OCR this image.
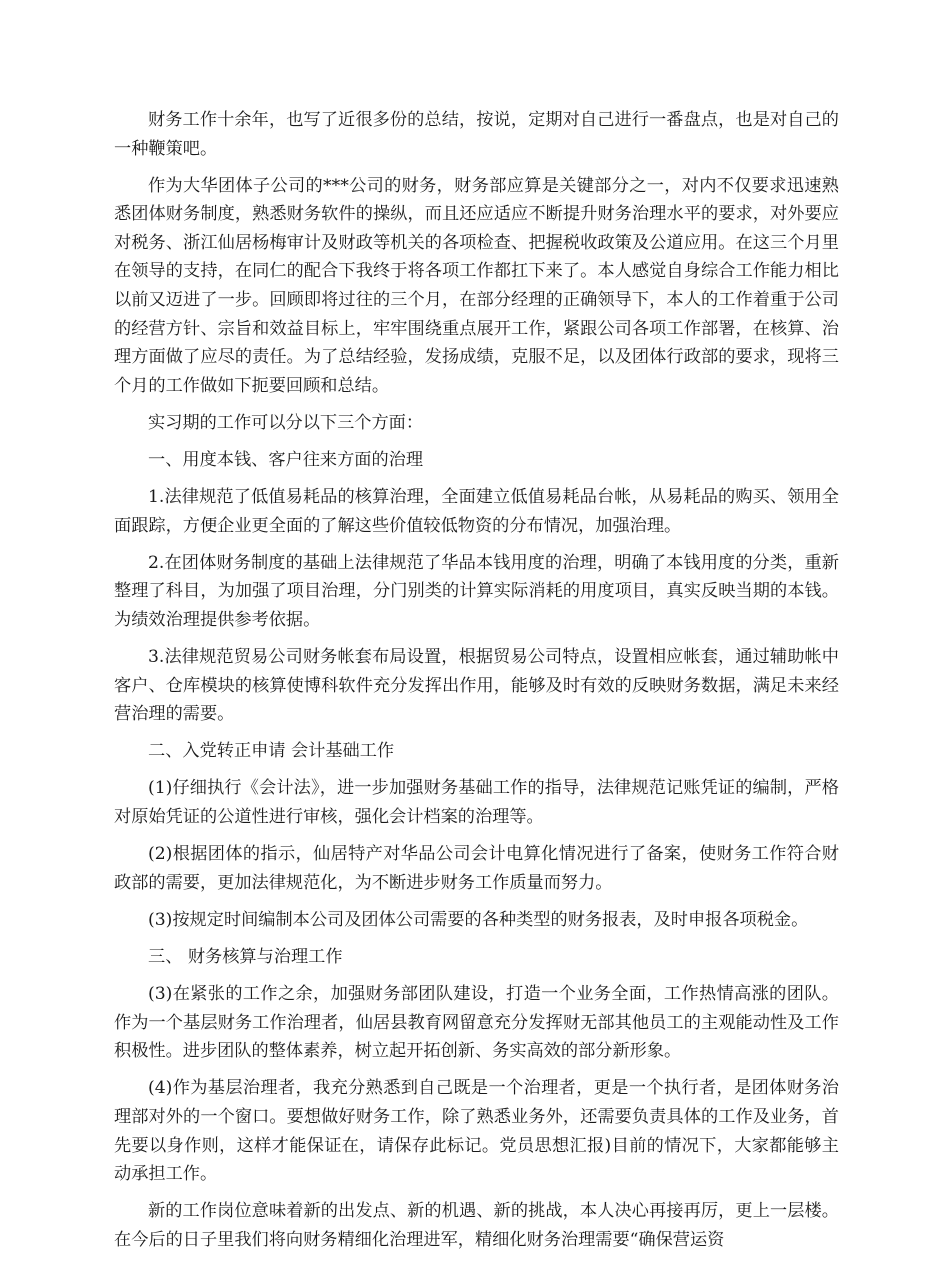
财务工作十余年，也写了近很多份的总结，按说，定期对自己进行一番盘点，也是对自己的一种鞭策吧。

作为大华团体子公司的***公司的财务，财务部应算是关键部分之一，对内不仅要求迅速熟悉团体财务制度，熟悉财务软件的操纵，而且还应适应不断提升财务治理水平的要求，对外要应对税务、浙江仙居杨梅审计及财政等机关的各项检查、把握税收政策及公道应用。在这三个月里在领导的支持，在同仁的配合下我终于将各项工作都扛下来了。本人感觉自身综合工作能力相比以前又迈进了一步。回顾即将过往的三个月，在部分经理的正确领导下，本人的工作着重于公司的经营方针、宗旨和效益目标上，牢牢围绕重点展开工作，紧跟公司各项工作部署，在核算、治理方面做了应尽的责任。为了总结经验，发扬成绩，克服不足，以及团体行政部的要求，现将三个月的工作做如下扼要回顾和总结。

实习期的工作可以分以下三个方面：

一、用度本钱、客户往来方面的治理

1.法律规范了低值易耗品的核算治理，全面建立低值易耗品台帐，从易耗品的购买、领用全面跟踪，方便企业更全面的了解这些价值较低物资的分布情况，加强治理。

2.在团体财务制度的基础上法律规范了华品本钱用度的治理，明确了本钱用度的分类，重新整理了科目，为加强了项目治理，分门别类的计算实际消耗的用度项目，真实反映当期的本钱。为绩效治理提供参考依据。

3.法律规范贸易公司财务帐套布局设置，根据贸易公司特点，设置相应帐套，通过辅助帐中客户、仓库模块的核算使博科软件充分发挥出作用，能够及时有效的反映财务数据，满足未来经营治理的需要。

二、入党转正申请 会计基础工作

(1)仔细执行《会计法》，进一步加强财务基础工作的指导，法律规范记账凭证的编制，严格对原始凭证的公道性进行审核，强化会计档案的治理等。

(2)根据团体的指示，仙居特产对华品公司会计电算化情况进行了备案，使财务工作符合财政部的需要，更加法律规范化，为不断进步财务工作质量而努力。

(3)按规定时间编制本公司及团体公司需要的各种类型的财务报表，及时申报各项税金。

三、 财务核算与治理工作

(3)在紧张的工作之余，加强财务部团队建设，打造一个业务全面，工作热情高涨的团队。作为一个基层财务工作治理者，仙居县教育网留意充分发挥财无部其他员工的主观能动性及工作积极性。进步团队的整体素养，树立起开拓创新、务实高效的部分新形象。

(4)作为基层治理者，我充分熟悉到自己既是一个治理者，更是一个执行者，是团体财务治理部对外的一个窗口。要想做好财务工作，除了熟悉业务外，还需要负责具体的工作及业务，首先要以身作则，这样才能保证在，请保存此标记。党员思想汇报)目前的情况下，大家都能够主动承担工作。

新的工作岗位意味着新的出发点、新的机遇、新的挑战，本人决心再接再厉，更上一层楼。在今后的日子里我们将向财务精细化治理进军，精细化财务治理需要“确保营运资
